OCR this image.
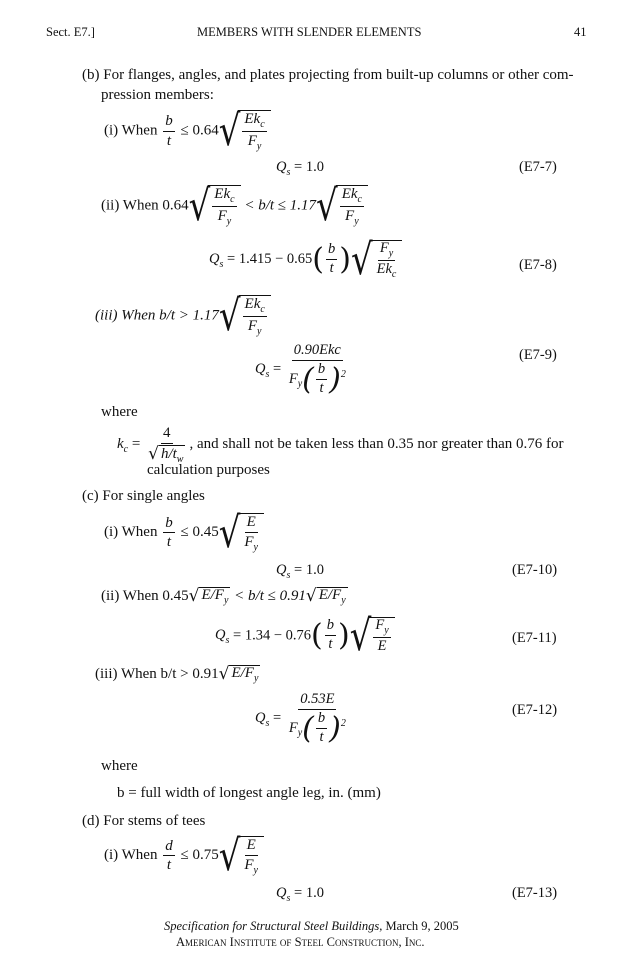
Sect. E7.]	MEMBERS WITH SLENDER ELEMENTS	41
(b) For flanges, angles, and plates projecting from built-up columns or other com-
pression members:
(i) When $\frac{b}{t} \le 0.64$ √ $\frac{Ek_c}{F_y}$
$Q_s = 1.0$	(E7-7)
(ii) When 0.64 √ $\frac{Ek_c}{F_y} < b/t \le 1.17$ √ $\frac{Ek_c}{F_y}$
$Q_s = 1.415 - 0.65( \frac{b}{t}$ ) √ $\frac{F_y}{Ek_c}$	(E7-8)
(iii) When b/t > 1.17 √ $\frac{Ek_c}{F_y}$
$Q_s = \frac{\text{0.90Ekc}}{F_y( \frac{b}{t} )^2}$	(E7-9)
where
$k_c = \frac{4}{√ h/t_w}$ , and shall not be taken less than 0.35 nor greater than 0.76 for
calculation purposes
(c) For single angles
(i) When $\frac{b}{t} \le 0.45$ √ $\frac{E}{F_y}$
$Q_s = 1.0$	(E7-10)
(ii) When 0.45 √ $E/F_y < b/t \le 0.91$ √ $E/F_y$
$Q_s = 1.34 - 0.76( \frac{b}{t}$ ) √ $\frac{F_y}{E}$	(E7-11)
(iii) When b/t > 0.91 √ $E/F_y$
$Q_s = \frac{0.53E}{F_y( \frac{b}{t} )^2}$	(E7-12)
where
b = full width of longest angle leg, in. (mm)
(d) For stems of tees
(i) When $\frac{d}{t} \le 0.75$ √ $\frac{E}{F_y}$
$Q_s = 1.0$	(E7-13)
Specification for Structural Steel Buildings, March 9, 2005
American Institute of Steel Construction, Inc.
